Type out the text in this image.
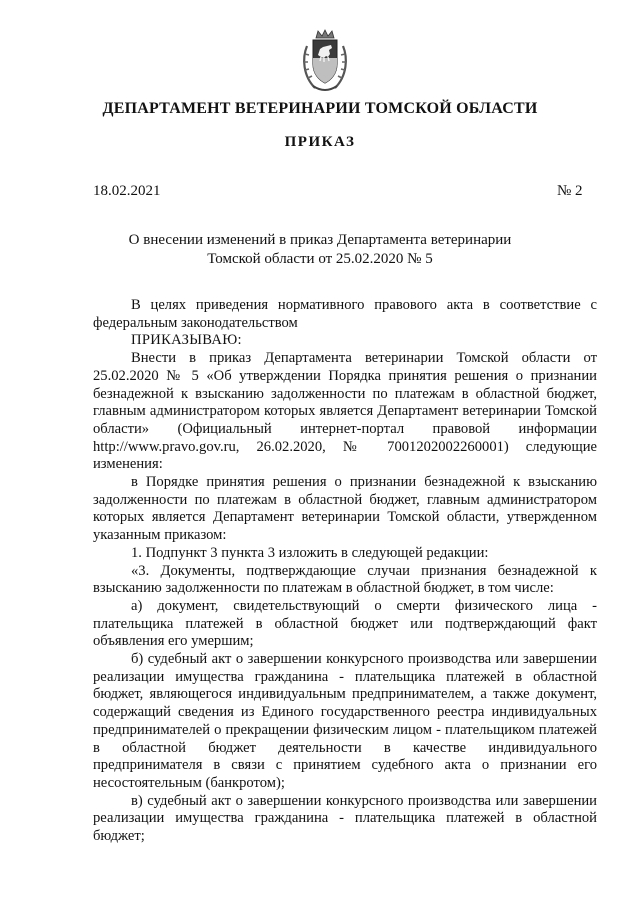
ДЕПАРТАМЕНТ ВЕТЕРИНАРИИ ТОМСКОЙ ОБЛАСТИ
ПРИКАЗ
18.02.2021	№ 2
О внесении изменений в приказ Департамента ветеринарии
Томской области от 25.02.2020 № 5

В целях приведения нормативного правового акта в соответствие с федеральным законодательством

ПРИКАЗЫВАЮ:

Внести в приказ Департамента ветеринарии Томской области от 25.02.2020 № 5 «Об утверждении Порядка принятия решения о признании безнадежной к взысканию задолженности по платежам в областной бюджет, главным администратором которых является Департамент ветеринарии Томской области» (Официальный интернет-портал правовой информации http://www.pravo.gov.ru, 26.02.2020, № 7001202002260001) следующие изменения:

в Порядке принятия решения о признании безнадежной к взысканию задолженности по платежам в областной бюджет, главным администратором которых является Департамент ветеринарии Томской области, утвержденном указанным приказом:

1. Подпункт 3 пункта 3 изложить в следующей редакции:

«3. Документы, подтверждающие случаи признания безнадежной к взысканию задолженности по платежам в областной бюджет, в том числе:

а) документ, свидетельствующий о смерти физического лица - плательщика платежей в областной бюджет или подтверждающий факт объявления его умершим;

б) судебный акт о завершении конкурсного производства или завершении реализации имущества гражданина - плательщика платежей в областной бюджет, являющегося индивидуальным предпринимателем, а также документ, содержащий сведения из Единого государственного реестра индивидуальных предпринимателей о прекращении физическим лицом - плательщиком платежей в областной бюджет деятельности в качестве индивидуального предпринимателя в связи с принятием судебного акта о признании его несостоятельным (банкротом);

в) судебный акт о завершении конкурсного производства или завершении реализации имущества гражданина - плательщика платежей в областной бюджет;
